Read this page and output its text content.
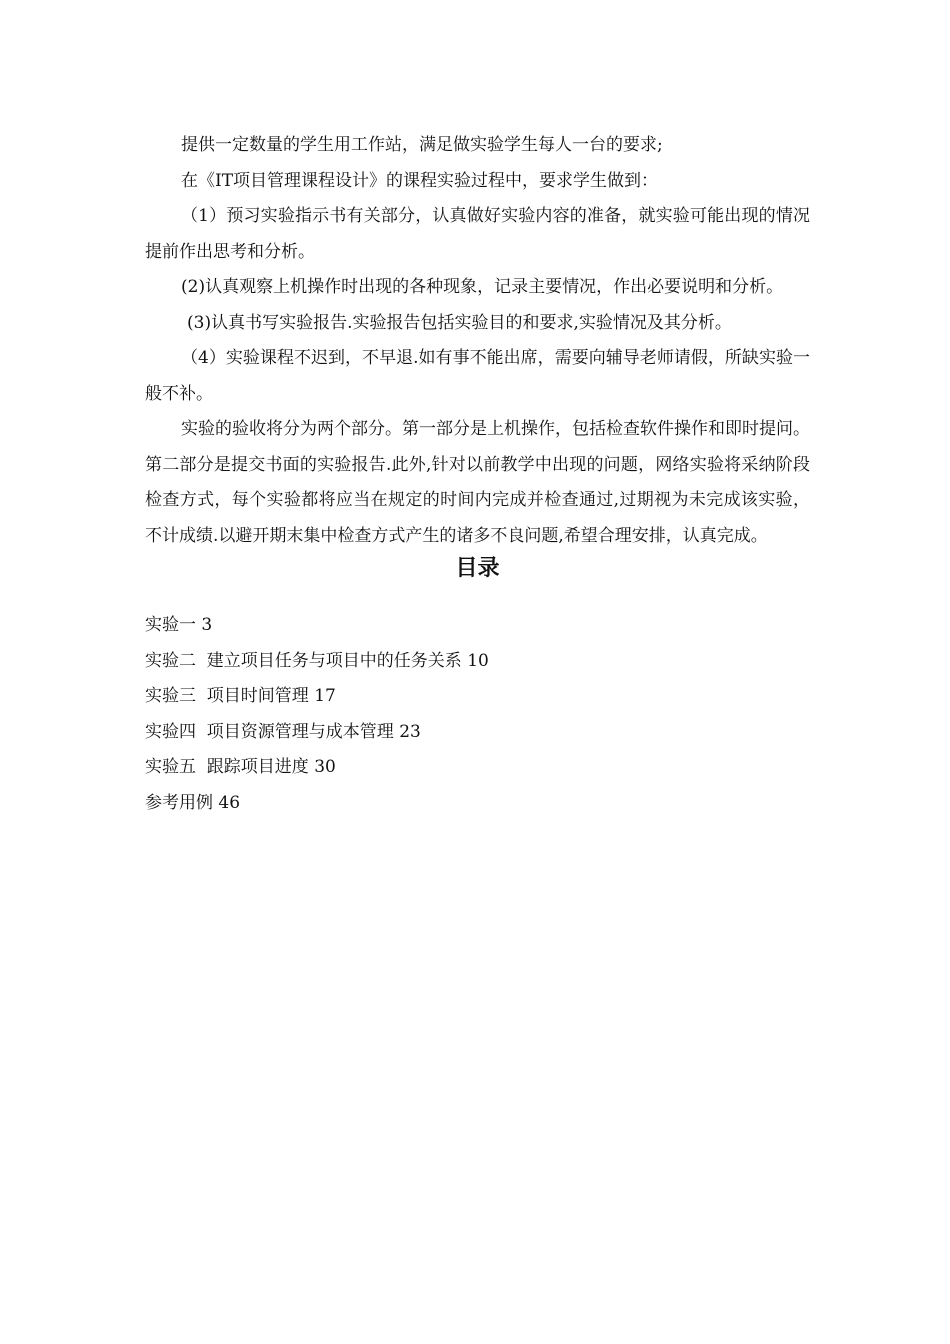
提供一定数量的学生用工作站，满足做实验学生每人一台的要求;

在《IT项目管理课程设计》的课程实验过程中，要求学生做到：

（1）预习实验指示书有关部分，认真做好实验内容的准备，就实验可能出现的情况提前作出思考和分析。

(2)认真观察上机操作时出现的各种现象，记录主要情况，作出必要说明和分析。

(3)认真书写实验报告.实验报告包括实验目的和要求,实验情况及其分析。

（4）实验课程不迟到，不早退.如有事不能出席，需要向辅导老师请假，所缺实验一般不补。

实验的验收将分为两个部分。第一部分是上机操作，包括检查软件操作和即时提问。第二部分是提交书面的实验报告.此外,针对以前教学中出现的问题，网络实验将采纳阶段检查方式，每个实验都将应当在规定的时间内完成并检查通过,过期视为未完成该实验，不计成绩.以避开期末集中检查方式产生的诸多不良问题,希望合理安排，认真完成。

目录
实验一 3
实验二  建立项目任务与项目中的任务关系 10
实验三  项目时间管理 17
实验四  项目资源管理与成本管理 23
实验五  跟踪项目进度 30
参考用例 46
